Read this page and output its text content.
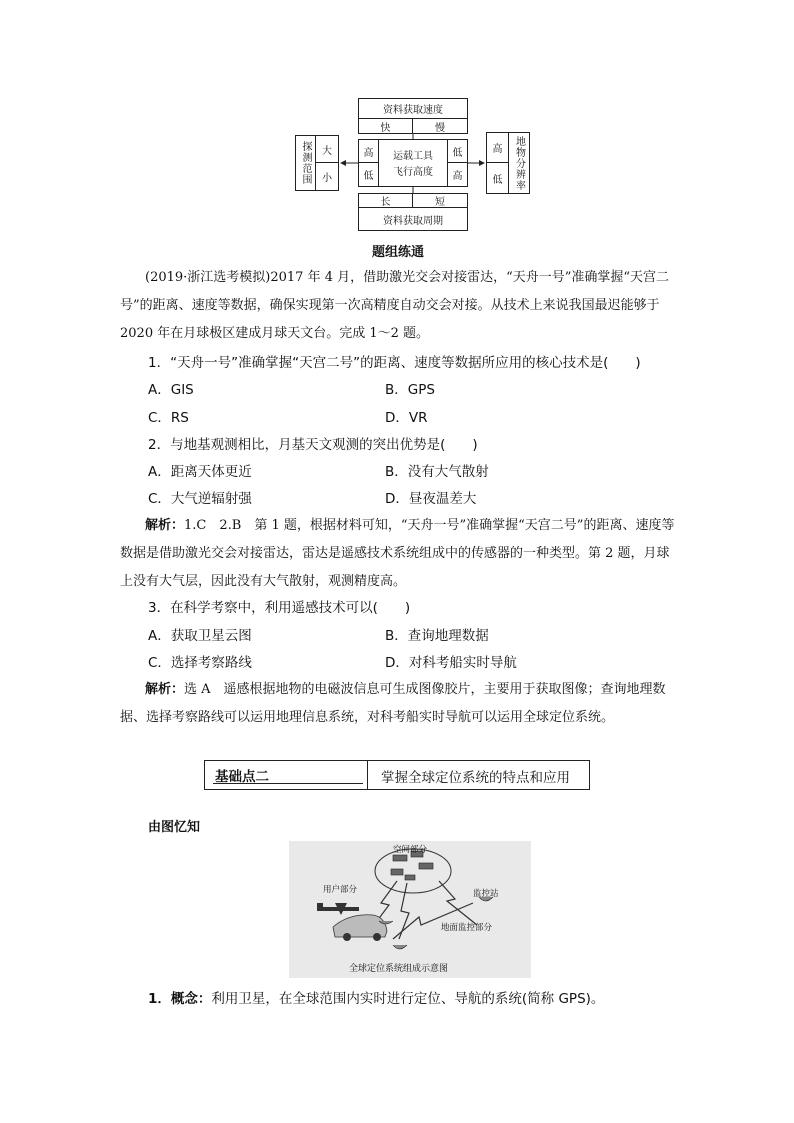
资料获取速度
快	慢
探测范围	大
小
高
低
运载工具
飞行高度
低
高
高
低	地物分辨率
长	短
资料获取周期
题组练通
(2019·浙江选考模拟)2017 年 4 月，借助激光交会对接雷达，“天舟一号”准确掌握“天宫二号”的距离、速度等数据，确保实现第一次高精度自动交会对接。从技术上来说我国最迟能够于 2020 年在月球极区建成月球天文台。完成 1～2 题。
1．“天舟一号”准确掌握“天宫二号”的距离、速度等数据所应用的核心技术是(　　)
A．GIS	B．GPS
C．RS	D．VR
2．与地基观测相比，月基天文观测的突出优势是(　　)
A．距离天体更近	B．没有大气散射
C．大气逆辐射强	D．昼夜温差大
解析：1.C　2.B　第 1 题，根据材料可知，“天舟一号”准确掌握“天宫二号”的距离、速度等数据是借助激光交会对接雷达，雷达是遥感技术系统组成中的传感器的一种类型。第 2 题，月球上没有大气层，因此没有大气散射，观测精度高。
3．在科学考察中，利用遥感技术可以(　　)
A．获取卫星云图	B．查询地理数据
C．选择考察路线	D．对科考船实时导航
解析：选 A　遥感根据地物的电磁波信息可生成图像胶片，主要用于获取图像；查询地理数据、选择考察路线可以运用地理信息系统，对科考船实时导航可以运用全球定位系统。
基础点二	掌握全球定位系统的特点和应用
由图忆知
空间部分
用户部分	监控站
地面监控部分
全球定位系统组成示意图
1．概念：利用卫星，在全球范围内实时进行定位、导航的系统(简称 GPS)。
